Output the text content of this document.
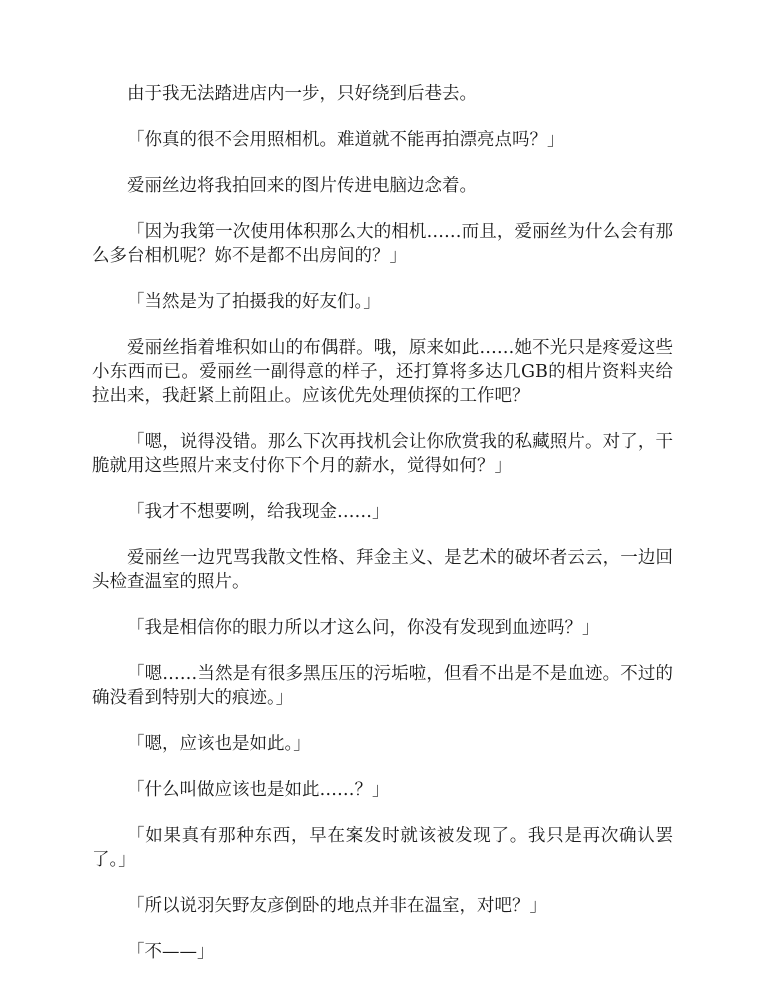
由于我无法踏进店内一步，只好绕到后巷去。

「你真的很不会用照相机。难道就不能再拍漂亮点吗？」

爱丽丝边将我拍回来的图片传进电脑边念着。

「因为我第一次使用体积那么大的相机……而且，爱丽丝为什么会有那么多台相机呢？妳不是都不出房间的？」

「当然是为了拍摄我的好友们。」

爱丽丝指着堆积如山的布偶群。哦，原来如此……她不光只是疼爱这些小东西而已。爱丽丝一副得意的样子，还打算将多达几GB的相片资料夹给拉出来，我赶紧上前阻止。应该优先处理侦探的工作吧？

「嗯，说得没错。那么下次再找机会让你欣赏我的私藏照片。对了，干脆就用这些照片来支付你下个月的薪水，觉得如何？」

「我才不想要咧，给我现金……」

爱丽丝一边咒骂我散文性格、拜金主义、是艺术的破坏者云云，一边回头检查温室的照片。

「我是相信你的眼力所以才这么问，你没有发现到血迹吗？」

「嗯……当然是有很多黑压压的污垢啦，但看不出是不是血迹。不过的确没看到特别大的痕迹。」

「嗯，应该也是如此。」

「什么叫做应该也是如此……？」

「如果真有那种东西，早在案发时就该被发现了。我只是再次确认罢了。」

「所以说羽矢野友彦倒卧的地点并非在温室，对吧？」

「不——」
